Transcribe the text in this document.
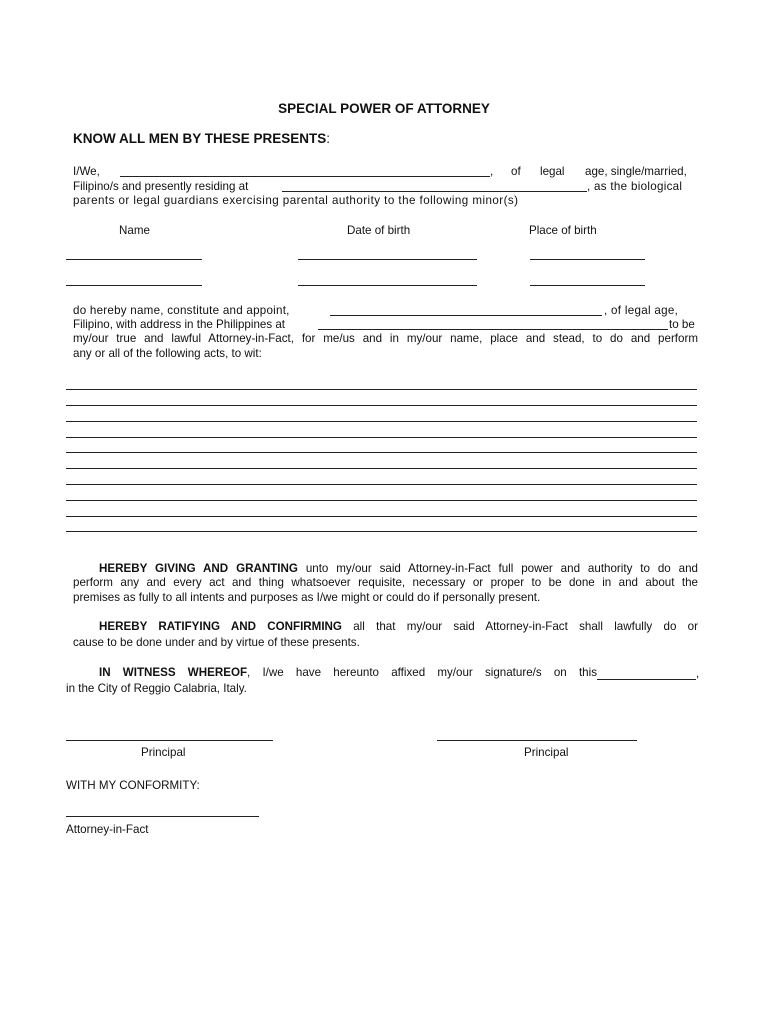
SPECIAL POWER OF ATTORNEY
KNOW ALL MEN BY THESE PRESENTS:
I/We,	, of legal age, single/married,
Filipino/s and presently residing at	, as the biological
parents or legal guardians exercising parental authority to the following minor(s)
Name	Date of birth	Place of birth
do hereby name, constitute and appoint,	, of legal age,
Filipino, with address in the Philippines at	to be
my/our true and lawful Attorney-in-Fact, for me/us and in my/our name, place and stead, to do and perform
any or all of the following acts, to wit:
HEREBY GIVING AND GRANTING unto my/our said Attorney-in-Fact full power and authority to do and
perform any and every act and thing whatsoever requisite, necessary or proper to be done in and about the
premises as fully to all intents and purposes as I/we might or could do if personally present.
HEREBY RATIFYING AND CONFIRMING all that my/our said Attorney-in-Fact shall lawfully do or
cause to be done under and by virtue of these presents.
IN WITNESS WHEREOF, I/we have hereunto affixed my/our signature/s on this	,
in the City of Reggio Calabria, Italy.
Principal	Principal
WITH MY CONFORMITY:
Attorney-in-Fact
